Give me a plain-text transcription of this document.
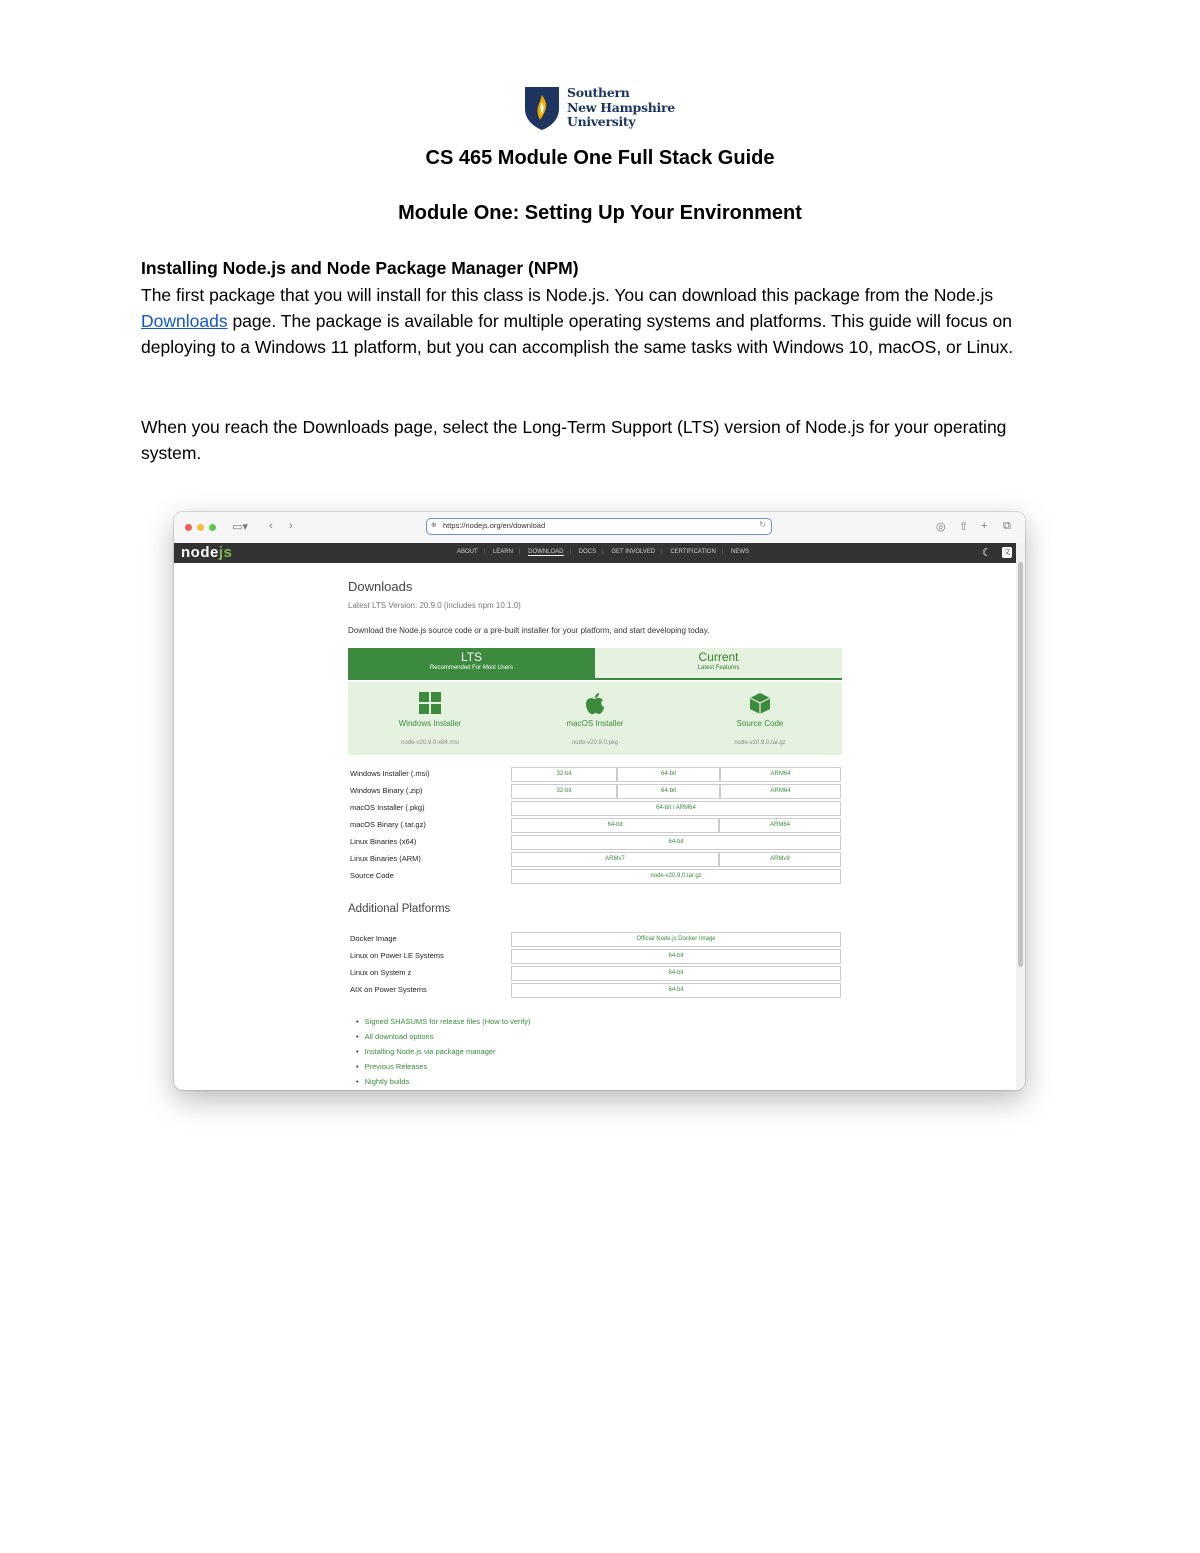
Southern
New Hampshire
University
CS 465 Module One Full Stack Guide
Module One: Setting Up Your Environment
Installing Node.js and Node Package Manager (NPM)
The first package that you will install for this class is Node.js. You can download this package from the Node.js Downloads page. The package is available for multiple operating systems and platforms. This guide will focus on deploying to a Windows 11 platform, but you can accomplish the same tasks with Windows 10, macOS, or Linux.
When you reach the Downloads page, select the Long-Term Support (LTS) version of Node.js for your operating system.
▭▾ ‹ ›	⊕ https://nodejs.org/en/download	↻	◎ ⇧ + ⧉
nodejs	ABOUT | LEARN | DOWNLOAD | DOCS | GET INVOLVED | CERTIFICATION | NEWS	☾ 文
Downloads
Latest LTS Version: 20.9.0 (includes npm 10.1.0)
Download the Node.js source code or a pre-built installer for your platform, and start developing today.
LTS
Recommended For Most Users
Current
Latest Features
Windows Installer
node-v20.9.0-x64.msi
macOS Installer
node-v20.9.0.pkg
Source Code
node-v20.9.0.tar.gz
Windows Installer (.msi)	32-bit	64-bit	ARM64
Windows Binary (.zip)	32-bit	64-bit	ARM64
macOS Installer (.pkg)	64-bit / ARM64
macOS Binary (.tar.gz)	64-bit	ARM64
Linux Binaries (x64)	64-bit
Linux Binaries (ARM)	ARMv7	ARMv8
Source Code	node-v20.9.0.tar.gz
Additional Platforms
Docker Image	Official Node.js Docker Image
Linux on Power LE Systems	64-bit
Linux on System z	64-bit
AIX on Power Systems	64-bit
• Signed SHASUMS for release files (How to verify)
• All download options
• Installing Node.js via package manager
• Previous Releases
• Nightly builds
